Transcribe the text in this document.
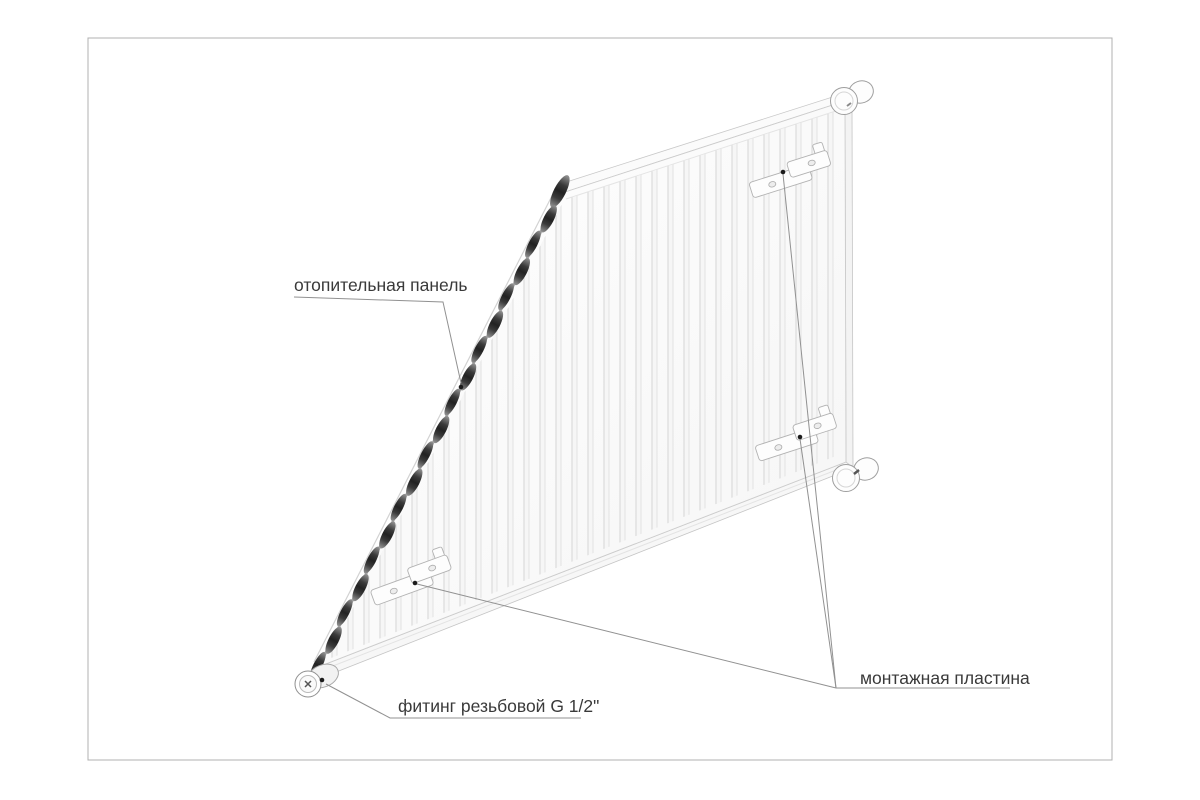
отопительная панель
монтажная пластина
фитинг резьбовой G 1/2"
